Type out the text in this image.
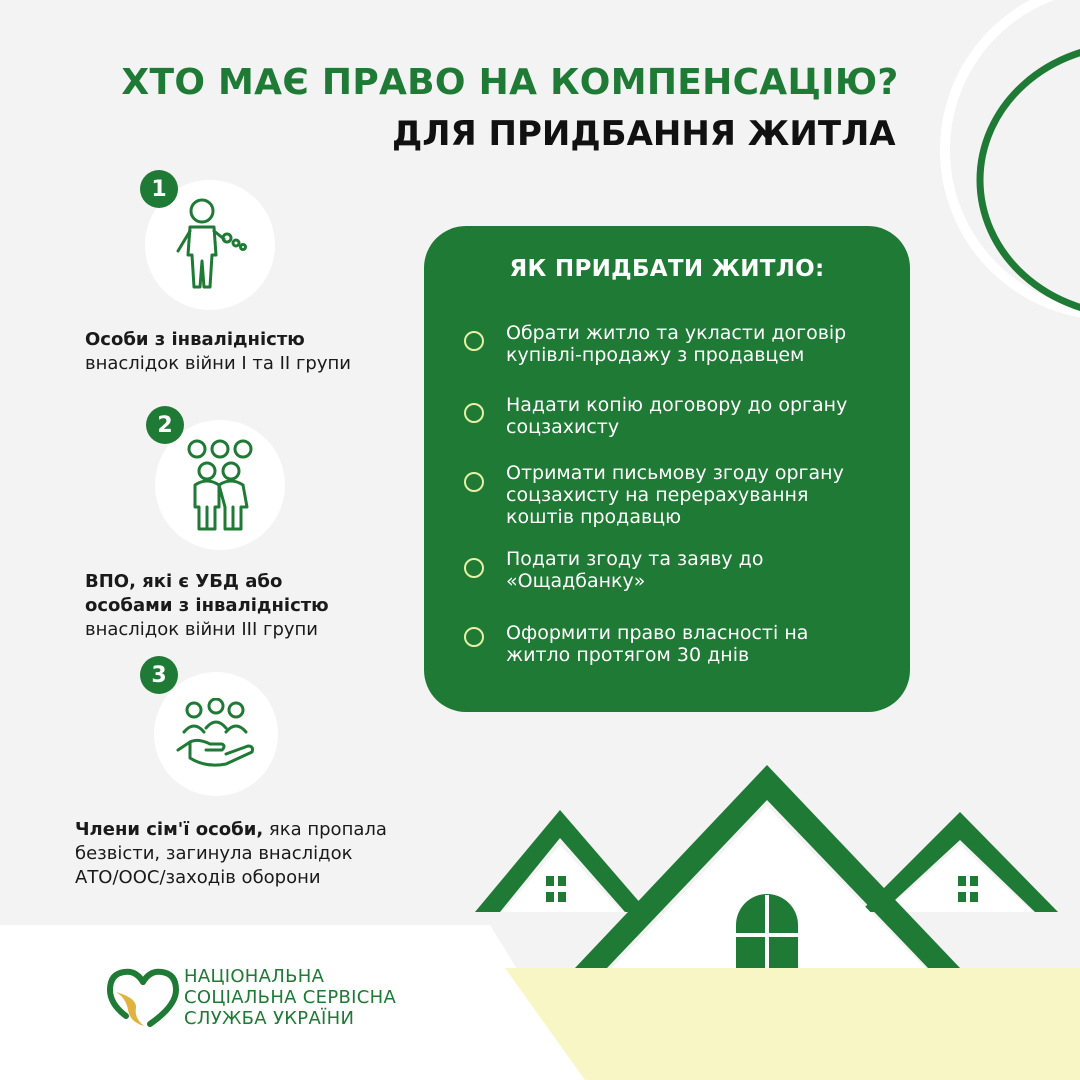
ХТО МАЄ ПРАВО НА КОМПЕНСАЦІЮ?
ДЛЯ ПРИДБАННЯ ЖИТЛА
1
Особи з інвалідністю
внаслідок війни І та ІІ групи
2
ВПО, які є УБД або
особами з інвалідністю
внаслідок війни ІІІ групи
3
Члени сім'ї особи, яка пропала
безвісти, загинула внаслідок
АТО/ООС/заходів оборони
ЯК ПРИДБАТИ ЖИТЛО:
Обрати житло та укласти договір
купівлі-продажу з продавцем
Надати копію договору до органу
соцзахисту
Отримати письмову згоду органу
соцзахисту на перерахування
коштів продавцю
Подати згоду та заяву до
«Ощадбанку»
Оформити право власності на
житло протягом 30 днів
НАЦІОНАЛЬНА
СОЦІАЛЬНА СЕРВІСНА
СЛУЖБА УКРАЇНИ
